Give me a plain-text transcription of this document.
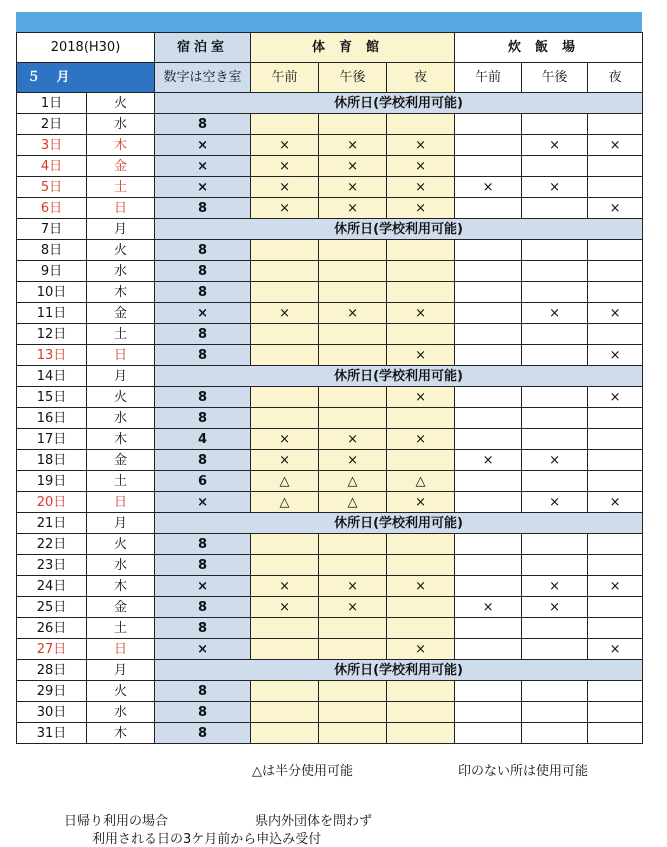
2018(H30)		宿泊室	体育館			炊飯場		
５ 月		数字は空き室	午前	午後	夜	午前	午後	夜
1日	火	休所日(学校利用可能)						
2日	水	8						
3日	木	×	×	×	×		×	×
4日	金	×	×	×	×			
5日	土	×	×	×	×	×	×	
6日	日	8	×	×	×			×
7日	月	休所日(学校利用可能)						
8日	火	8						
9日	水	8						
10日	木	8						
11日	金	×	×	×	×		×	×
12日	土	8						
13日	日	8			×			×
14日	月	休所日(学校利用可能)						
15日	火	8			×			×
16日	水	8						
17日	木	4	×	×	×			
18日	金	8	×	×		×	×	
19日	土	6	△	△	△			
20日	日	×	△	△	×		×	×
21日	月	休所日(学校利用可能)						
22日	火	8						
23日	水	8						
24日	木	×	×	×	×		×	×
25日	金	8	×	×		×	×	
26日	土	8						
27日	日	×			×			×
28日	月	休所日(学校利用可能)						
29日	火	8						
30日	水	8						
31日	木	8						
△は半分使用可能	印のない所は使用可能
日帰り利用の場合	県内外団体を問わず
利用される日の3ケ月前から申込み受付
